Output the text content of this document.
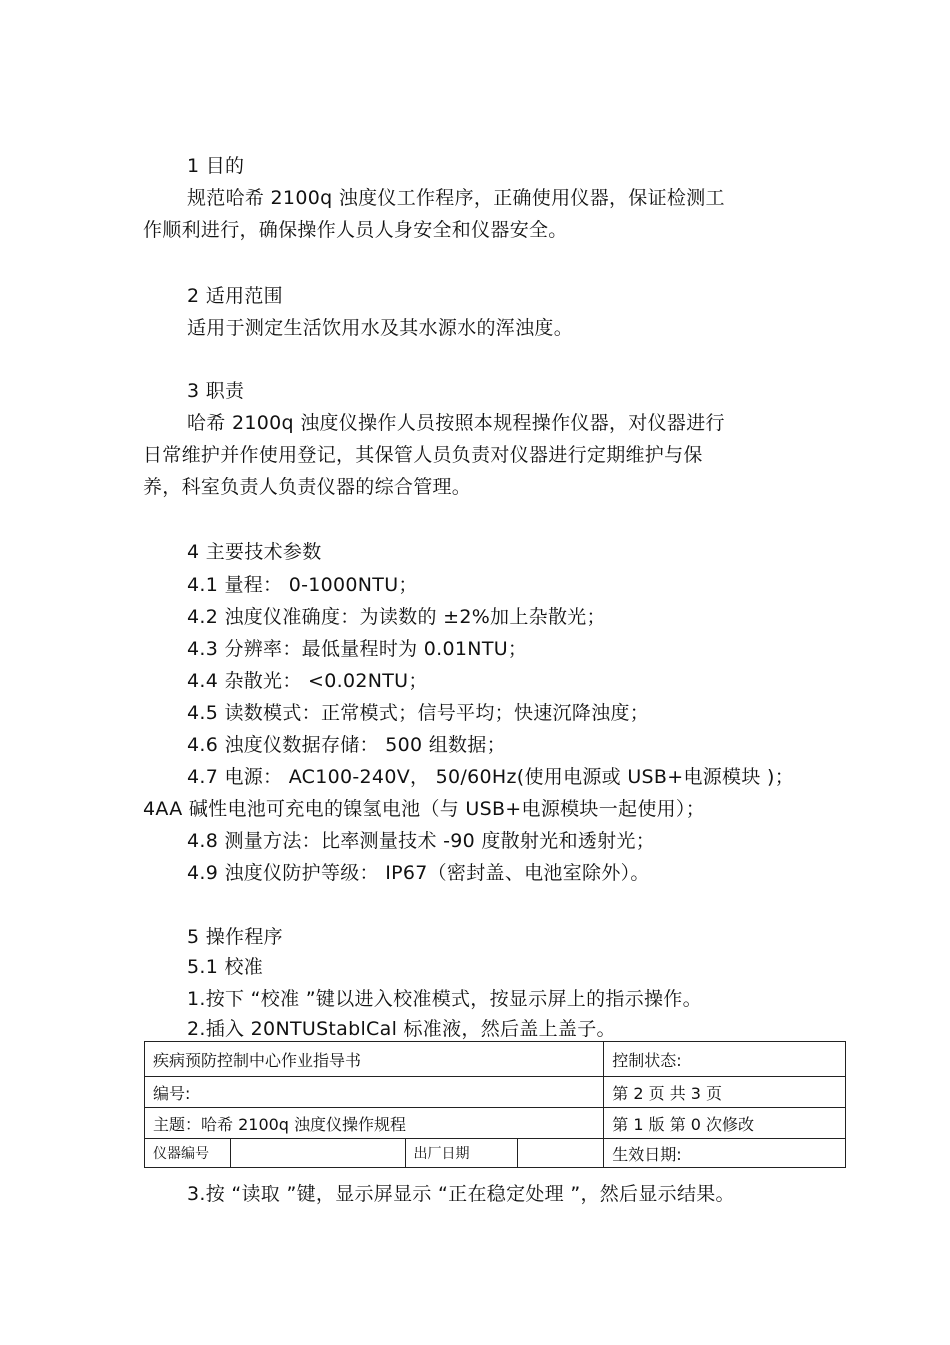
1 目的
规范哈希 2100q 浊度仪工作程序，正确使用仪器，保证检测工
作顺利进行，确保操作人员人身安全和仪器安全。
2 适用范围
适用于测定生活饮用水及其水源水的浑浊度。
3 职责
哈希 2100q 浊度仪操作人员按照本规程操作仪器，对仪器进行
日常维护并作使用登记，其保管人员负责对仪器进行定期维护与保
养，科室负责人负责仪器的综合管理。
4 主要技术参数
4.1 量程： 0-1000NTU；
4.2 浊度仪准确度：为读数的 ±2%加上杂散光；
4.3 分辨率：最低量程时为 0.01NTU；
4.4 杂散光： <0.02NTU；
4.5 读数模式：正常模式；信号平均；快速沉降浊度；
4.6 浊度仪数据存储： 500 组数据；
4.7 电源： AC100-240V， 50/60Hz(使用电源或 USB+电源模块 )；
4AA 碱性电池可充电的镍氢电池（与 USB+电源模块一起使用）；
4.8 测量方法：比率测量技术 -90 度散射光和透射光；
4.9 浊度仪防护等级： IP67（密封盖、电池室除外）。
5 操作程序
5.1 校准
1.按下 “校准 ”键以进入校准模式，按显示屏上的指示操作。
2.插入 20NTUStablCal 标准液，然后盖上盖子。
疾病预防控制中心作业指导书				控制状态:
编号:				第 2 页 共 3 页
主题：哈希 2100q 浊度仪操作规程				第 1 版 第 0 次修改
仪器编号		出厂日期		生效日期:
3.按 “读取 ”键，显示屏显示 “正在稳定处理 ”，然后显示结果。
